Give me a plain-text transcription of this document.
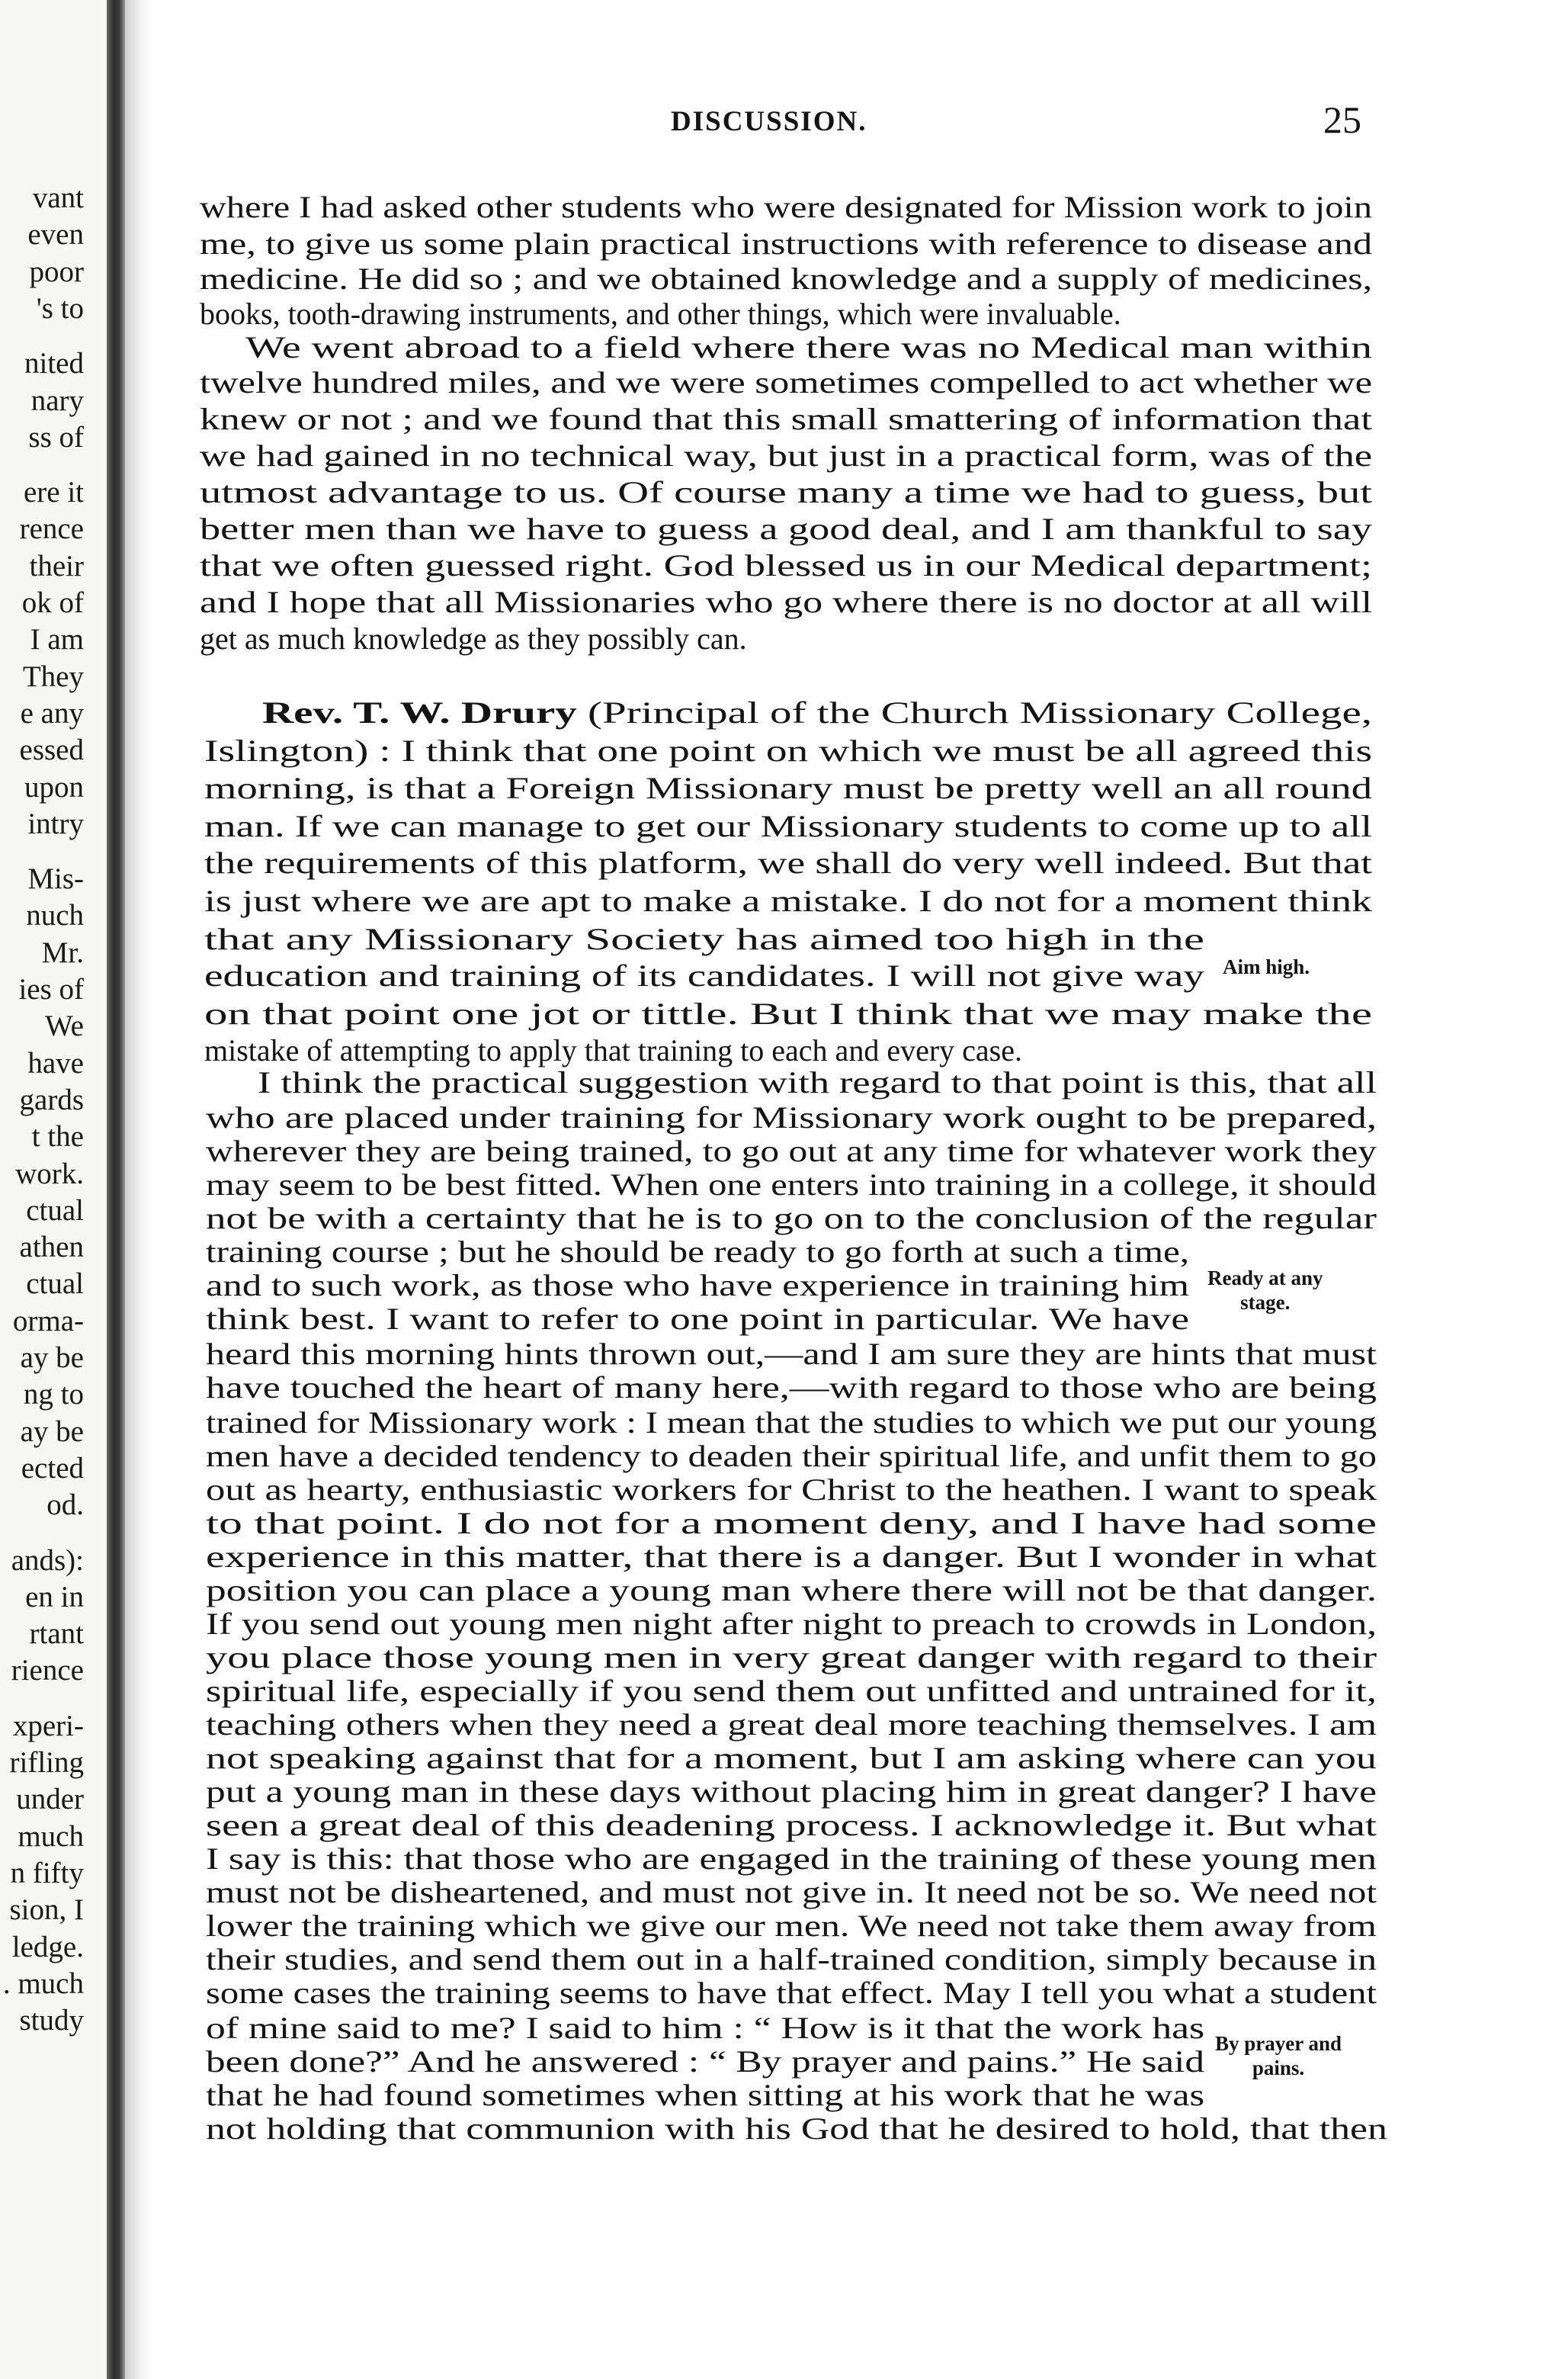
vant
even
poor
's to
nited
nary
ss of
ere it
rence
their
ok of
I am
They
e any
essed
upon
intry
Mis-
nuch
Mr.
ies of
We
have
gards
t the
work.
ctual
athen
ctual
orma-
ay be
ng to
ay be
ected
od.
ands):
en in
rtant
rience
xperi-
rifling
under
much
n fifty
sion, I
ledge.
. much
study
DISCUSSION.	25
where I had asked other students who were designated for Mission work to join
me, to give us some plain practical instructions with reference to disease and
medicine. He did so ; and we obtained knowledge and a supply of medicines,
books, tooth-drawing instruments, and other things, which were invaluable.
We went abroad to a field where there was no Medical man within
twelve hundred miles, and we were sometimes compelled to act whether we
knew or not ; and we found that this small smattering of information that
we had gained in no technical way, but just in a practical form, was of the
utmost advantage to us. Of course many a time we had to guess, but
better men than we have to guess a good deal, and I am thankful to say
that we often guessed right. God blessed us in our Medical department;
and I hope that all Missionaries who go where there is no doctor at all will
get as much knowledge as they possibly can.
Rev. T. W. Drury (Principal of the Church Missionary College,
Islington) : I think that one point on which we must be all agreed this
morning, is that a Foreign Missionary must be pretty well an all round
man. If we can manage to get our Missionary students to come up to all
the requirements of this platform, we shall do very well indeed. But that
is just where we are apt to make a mistake. I do not for a moment think
that any Missionary Society has aimed too high in the
education and training of its candidates. I will not give way
on that point one jot or tittle. But I think that we may make the
mistake of attempting to apply that training to each and every case.
I think the practical suggestion with regard to that point is this, that all
who are placed under training for Missionary work ought to be prepared,
wherever they are being trained, to go out at any time for whatever work they
may seem to be best fitted. When one enters into training in a college, it should
not be with a certainty that he is to go on to the conclusion of the regular
training course ; but he should be ready to go forth at such a time,
and to such work, as those who have experience in training him
think best. I want to refer to one point in particular. We have
heard this morning hints thrown out,—and I am sure they are hints that must
have touched the heart of many here,—with regard to those who are being
trained for Missionary work : I mean that the studies to which we put our young
men have a decided tendency to deaden their spiritual life, and unfit them to go
out as hearty, enthusiastic workers for Christ to the heathen. I want to speak
to that point. I do not for a moment deny, and I have had some
experience in this matter, that there is a danger. But I wonder in what
position you can place a young man where there will not be that danger.
If you send out young men night after night to preach to crowds in London,
you place those young men in very great danger with regard to their
spiritual life, especially if you send them out unfitted and untrained for it,
teaching others when they need a great deal more teaching themselves. I am
not speaking against that for a moment, but I am asking where can you
put a young man in these days without placing him in great danger? I have
seen a great deal of this deadening process. I acknowledge it. But what
I say is this: that those who are engaged in the training of these young men
must not be disheartened, and must not give in. It need not be so. We need not
lower the training which we give our men. We need not take them away from
their studies, and send them out in a half-trained condition, simply because in
some cases the training seems to have that effect. May I tell you what a student
of mine said to me? I said to him : “ How is it that the work has
been done?” And he answered : “ By prayer and pains.” He said
that he had found sometimes when sitting at his work that he was
not holding that communion with his God that he desired to hold, that then
Aim high.
Ready at any
stage.
By prayer and
pains.
